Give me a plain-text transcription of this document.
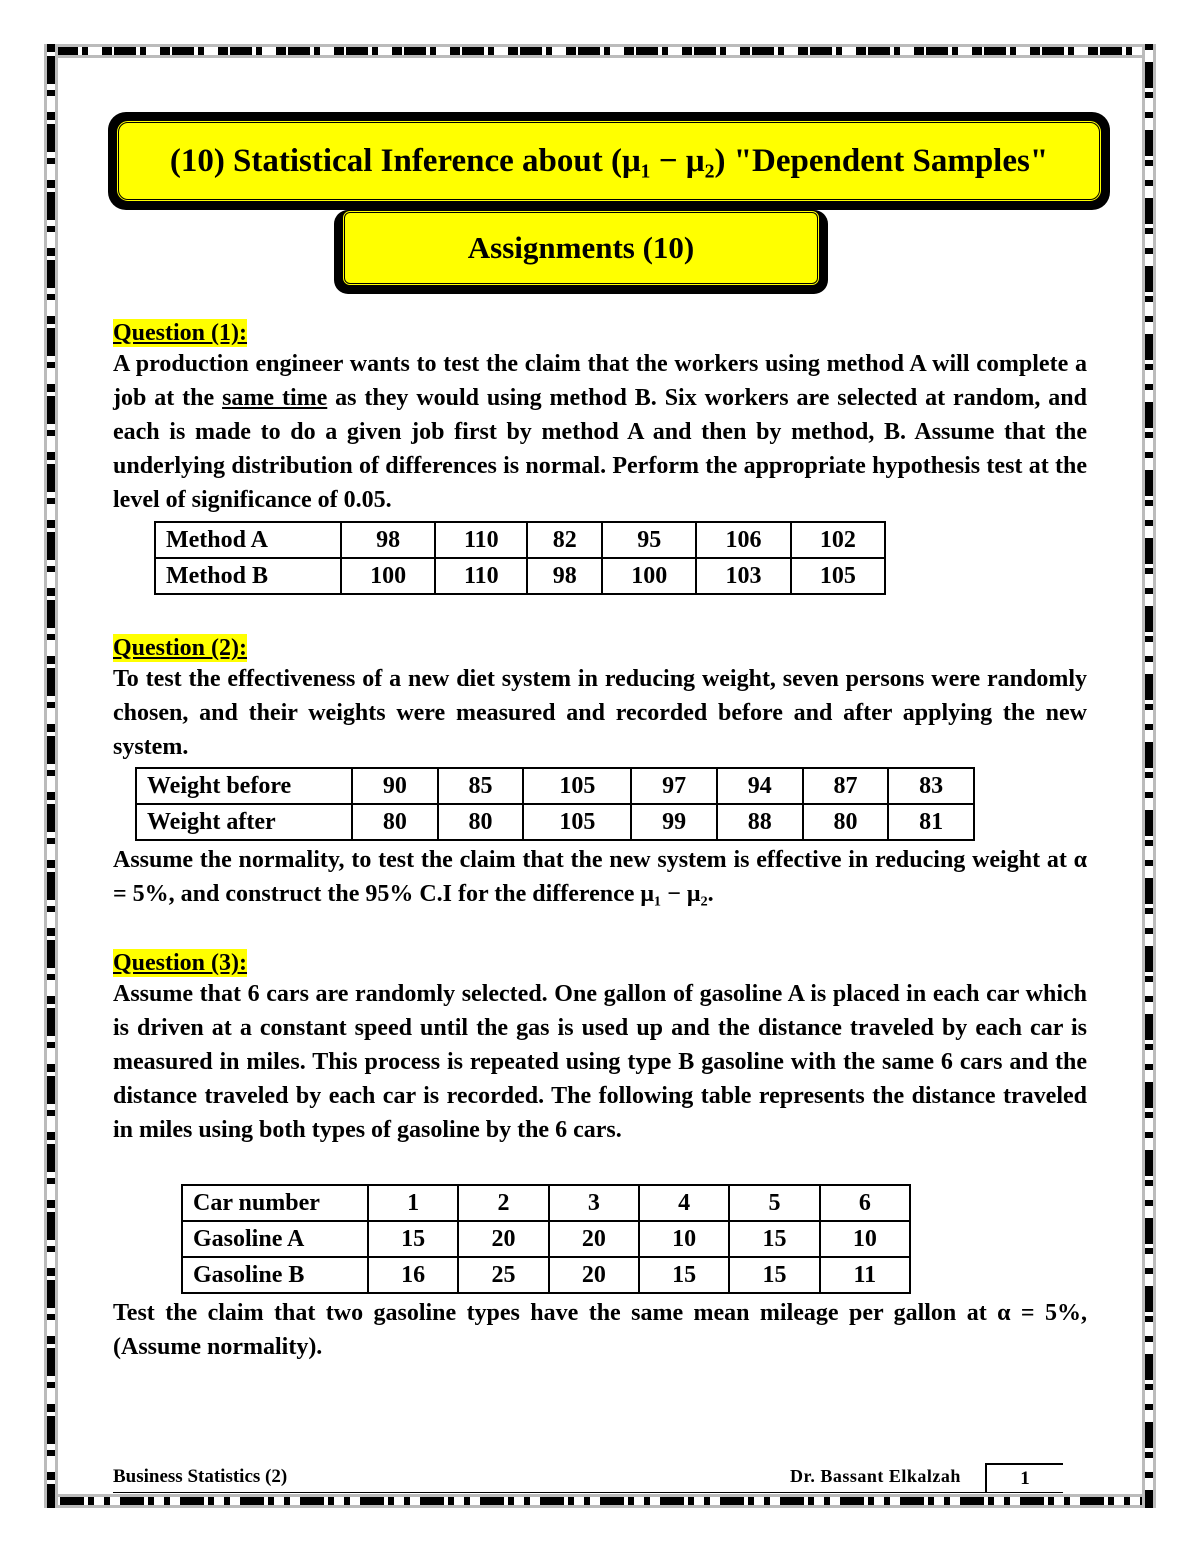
(10) Statistical Inference about (μ₁ − μ₂) "Dependent Samples"
Assignments (10)
Question (1):

A production engineer wants to test the claim that the workers using method A will complete a job at the same time as they would using method B. Six workers are selected at random, and each is made to do a given job first by method A and then by method, B. Assume that the underlying distribution of differences is normal. Perform the appropriate hypothesis test at the level of significance of 0.05.

Method A	98	110	82	95	106	102
Method B	100	110	98	100	103	105
Question (2):

To test the effectiveness of a new diet system in reducing weight, seven persons were randomly chosen, and their weights were measured and recorded before and after applying the new system.

Weight before	90	85	105	97	94	87	83
Weight after	80	80	105	99	88	80	81

Assume the normality, to test the claim that the new system is effective in reducing weight at α = 5%, and construct the 95% C.I for the difference μ₁ − μ₂.

Question (3):

Assume that 6 cars are randomly selected. One gallon of gasoline A is placed in each car which is driven at a constant speed until the gas is used up and the distance traveled by each car is measured in miles. This process is repeated using type B gasoline with the same 6 cars and the distance traveled by each car is recorded. The following table represents the distance traveled in miles using both types of gasoline by the 6 cars.

Car number	1	2	3	4	5	6
Gasoline A	15	20	20	10	15	10
Gasoline B	16	25	20	15	15	11

Test the claim that two gasoline types have the same mean mileage per gallon at α = 5%, (Assume normality).

Business Statistics (2)	Dr. Bassant Elkalzah	1
